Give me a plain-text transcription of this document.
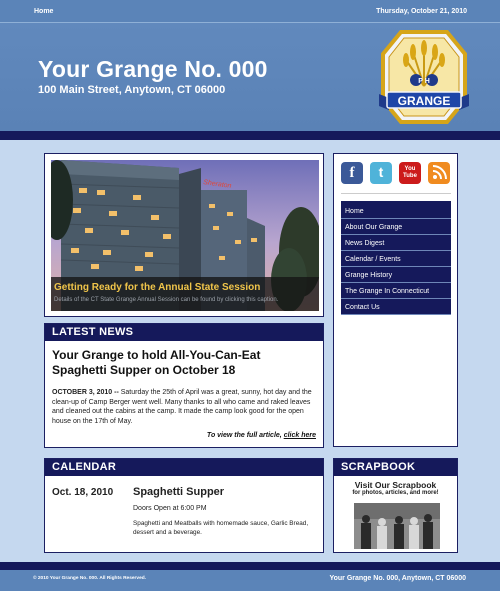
Home	Thursday, October 21, 2010
Your Grange No. 000
100 Main Street, Anytown, CT 06000
P H
GRANGE
Sheraton
Getting Ready for the Annual State Session
Details of the CT State Grange Annual Session can be found by clicking this caption.
LATEST NEWS
Your Grange to hold All-You-Can-Eat Spaghetti Supper on October 18
OCTOBER 3, 2010 -- Saturday the 25th of April was a great, sunny, hot day and the clean-up of Camp Berger went well. Many thanks to all who came and raked leaves and cleaned out the cabins at the camp. It made the camp look good for the open house on the 17th of May.
To view the full article, click here
f	t	You Tube
Home
About Our Grange
News Digest
Calendar / Events
Grange History
The Grange In Connecticut
Contact Us
CALENDAR
Oct. 18, 2010 Spaghetti Supper
Doors Open at 6:00 PM
Spaghetti and Meatballs with homemade sauce, Garlic Bread, dessert and a beverage.
SCRAPBOOK
Visit Our Scrapbook
for photos, articles, and more!
© 2010 Your Grange No. 000. All Rights Reserved.	Your Grange No. 000, Anytown, CT 06000
